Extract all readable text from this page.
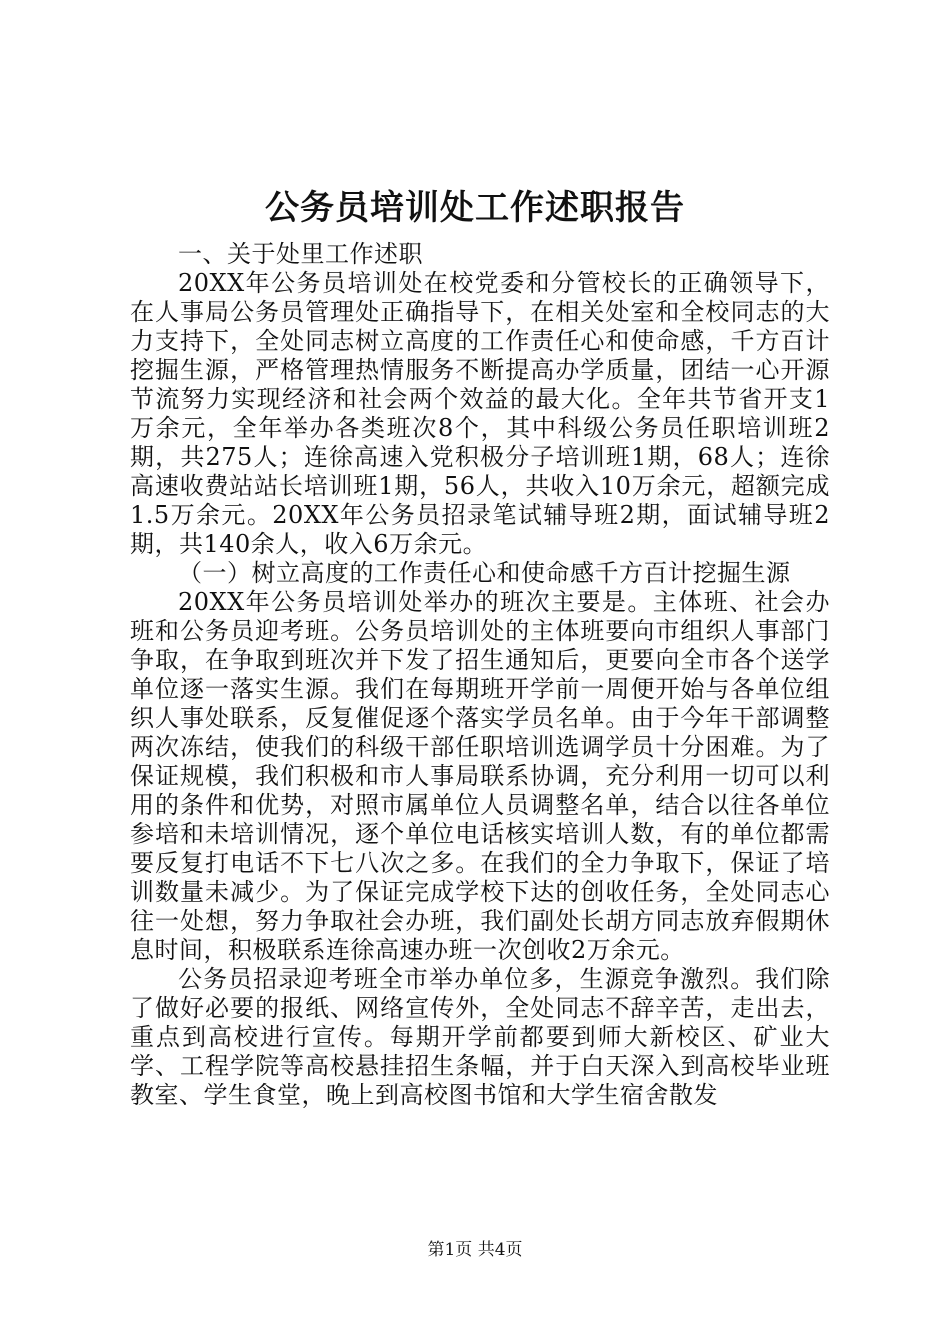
公务员培训处工作述职报告

一、关于处里工作述职

20XX年公务员培训处在校党委和分管校长的正确领导下，在人事局公务员管理处正确指导下，在相关处室和全校同志的大力支持下，全处同志树立高度的工作责任心和使命感，千方百计挖掘生源，严格管理热情服务不断提高办学质量，团结一心开源节流努力实现经济和社会两个效益的最大化。全年共节省开支1万余元，全年举办各类班次8个，其中科级公务员任职培训班2期，共275人；连徐高速入党积极分子培训班1期，68人；连徐高速收费站站长培训班1期，56人，共收入10万余元，超额完成1.5万余元。20XX年公务员招录笔试辅导班2期，面试辅导班2期，共140余人，收入6万余元。

（一）树立高度的工作责任心和使命感千方百计挖掘生源

20XX年公务员培训处举办的班次主要是。主体班、社会办班和公务员迎考班。公务员培训处的主体班要向市组织人事部门争取，在争取到班次并下发了招生通知后，更要向全市各个送学单位逐一落实生源。我们在每期班开学前一周便开始与各单位组织人事处联系，反复催促逐个落实学员名单。由于今年干部调整两次冻结，使我们的科级干部任职培训选调学员十分困难。为了保证规模，我们积极和市人事局联系协调，充分利用一切可以利用的条件和优势，对照市属单位人员调整名单，结合以往各单位参培和未培训情况，逐个单位电话核实培训人数，有的单位都需要反复打电话不下七八次之多。在我们的全力争取下，保证了培训数量未减少。为了保证完成学校下达的创收任务，全处同志心往一处想，努力争取社会办班，我们副处长胡方同志放弃假期休息时间，积极联系连徐高速办班一次创收2万余元。

公务员招录迎考班全市举办单位多，生源竞争激烈。我们除了做好必要的报纸、网络宣传外，全处同志不辞辛苦，走出去，重点到高校进行宣传。每期开学前都要到师大新校区、矿业大学、工程学院等高校悬挂招生条幅，并于白天深入到高校毕业班教室、学生食堂，晚上到高校图书馆和大学生宿舍散发

第1页 共4页
